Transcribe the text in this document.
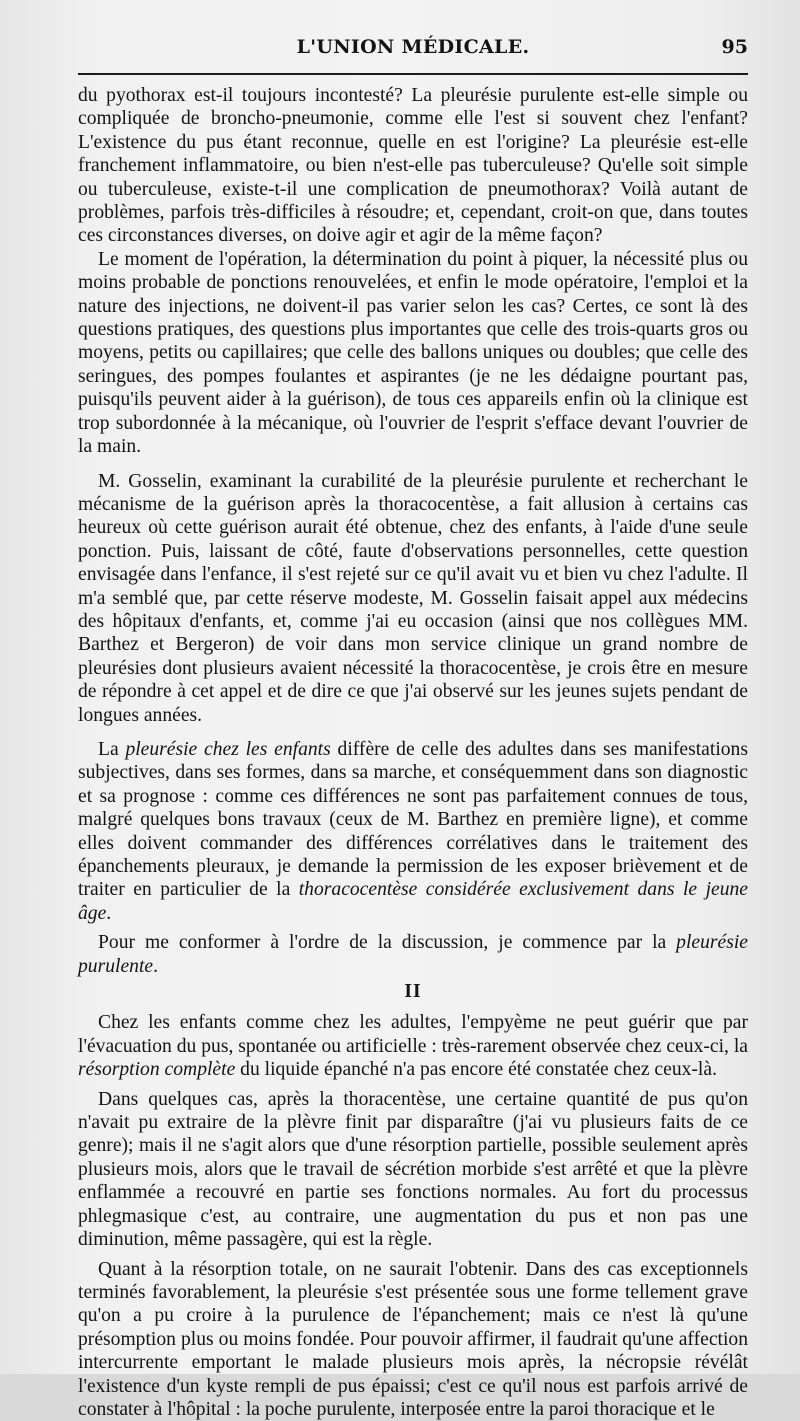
L'UNION MÉDICALE.	95

du pyothorax est-il toujours incontesté? La pleurésie purulente est-elle simple ou compliquée de broncho-pneumonie, comme elle l'est si souvent chez l'enfant? L'existence du pus étant reconnue, quelle en est l'origine? La pleurésie est-elle franchement inflammatoire, ou bien n'est-elle pas tuberculeuse? Qu'elle soit simple ou tuberculeuse, existe-t-il une complication de pneumothorax? Voilà autant de problèmes, parfois très-difficiles à résoudre; et, cependant, croit-on que, dans toutes ces circonstances diverses, on doive agir et agir de la même façon?

Le moment de l'opération, la détermination du point à piquer, la nécessité plus ou moins probable de ponctions renouvelées, et enfin le mode opératoire, l'emploi et la nature des injections, ne doivent-il pas varier selon les cas? Certes, ce sont là des questions pratiques, des questions plus importantes que celle des trois-quarts gros ou moyens, petits ou capillaires; que celle des ballons uniques ou doubles; que celle des seringues, des pompes foulantes et aspirantes (je ne les dédaigne pourtant pas, puisqu'ils peuvent aider à la guérison), de tous ces appareils enfin où la clinique est trop subordonnée à la mécanique, où l'ouvrier de l'esprit s'efface devant l'ouvrier de la main.

M. Gosselin, examinant la curabilité de la pleurésie purulente et recherchant le mécanisme de la guérison après la thoracocentèse, a fait allusion à certains cas heureux où cette guérison aurait été obtenue, chez des enfants, à l'aide d'une seule ponction. Puis, laissant de côté, faute d'observations personnelles, cette question envisagée dans l'enfance, il s'est rejeté sur ce qu'il avait vu et bien vu chez l'adulte. Il m'a semblé que, par cette réserve modeste, M. Gosselin faisait appel aux médecins des hôpitaux d'enfants, et, comme j'ai eu occasion (ainsi que nos collègues MM. Barthez et Bergeron) de voir dans mon service clinique un grand nombre de pleurésies dont plusieurs avaient nécessité la thoracocentèse, je crois être en mesure de répondre à cet appel et de dire ce que j'ai observé sur les jeunes sujets pendant de longues années.

La pleurésie chez les enfants diffère de celle des adultes dans ses manifestations subjectives, dans ses formes, dans sa marche, et conséquemment dans son diagnostic et sa prognose : comme ces différences ne sont pas parfaitement connues de tous, malgré quelques bons travaux (ceux de M. Barthez en première ligne), et comme elles doivent commander des différences corrélatives dans le traitement des épanchements pleuraux, je demande la permission de les exposer brièvement et de traiter en particulier de la thoracocentèse considérée exclusivement dans le jeune âge.

Pour me conformer à l'ordre de la discussion, je commence par la pleurésie purulente.

II

Chez les enfants comme chez les adultes, l'empyème ne peut guérir que par l'évacuation du pus, spontanée ou artificielle : très-rarement observée chez ceux-ci, la résorption complète du liquide épanché n'a pas encore été constatée chez ceux-là.

Dans quelques cas, après la thoracentèse, une certaine quantité de pus qu'on n'avait pu extraire de la plèvre finit par disparaître (j'ai vu plusieurs faits de ce genre); mais il ne s'agit alors que d'une résorption partielle, possible seulement après plusieurs mois, alors que le travail de sécrétion morbide s'est arrêté et que la plèvre enflammée a recouvré en partie ses fonctions normales. Au fort du processus phlegmasique c'est, au contraire, une augmentation du pus et non pas une diminution, même passagère, qui est la règle.

Quant à la résorption totale, on ne saurait l'obtenir. Dans des cas exceptionnels terminés favorablement, la pleurésie s'est présentée sous une forme tellement grave qu'on a pu croire à la purulence de l'épanchement; mais ce n'est là qu'une présomption plus ou moins fondée. Pour pouvoir affirmer, il faudrait qu'une affection intercurrente emportant le malade plusieurs mois après, la nécropsie révélât l'existence d'un kyste rempli de pus épaissi; c'est ce qu'il nous est parfois arrivé de constater à l'hôpital : la poche purulente, interposée entre la paroi thoracique et le
